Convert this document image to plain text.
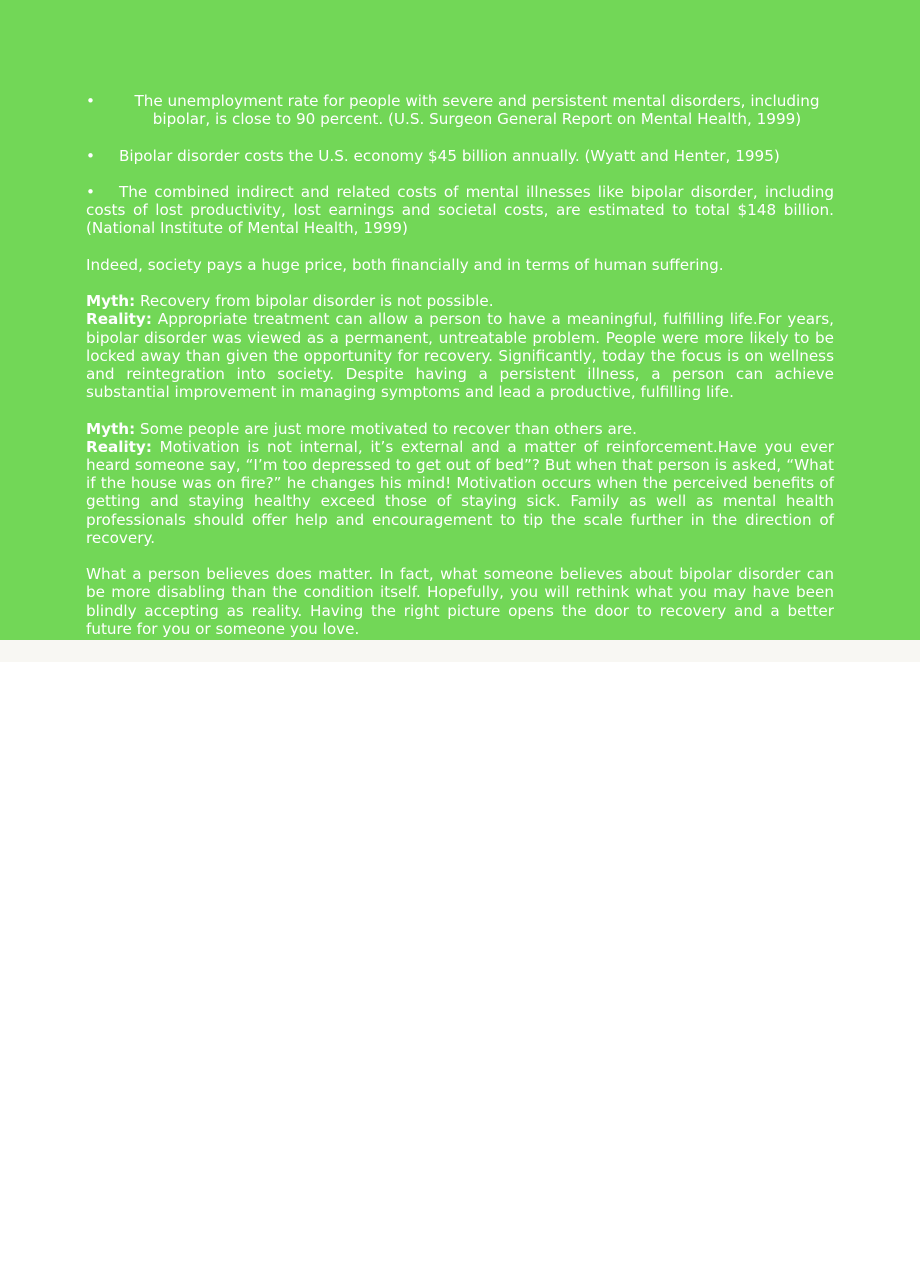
•	The unemployment rate for people with severe and persistent mental disorders, including bipolar, is close to 90 percent. (U.S. Surgeon General Report on Mental Health, 1999)
•	Bipolar disorder costs the U.S. economy $45 billion annually. (Wyatt and Henter, 1995)

• The combined indirect and related costs of mental illnesses like bipolar disorder, including costs of lost productivity, lost earnings and societal costs, are estimated to total $148 billion. (National Institute of Mental Health, 1999)

Indeed, society pays a huge price, both financially and in terms of human suffering.

Myth: Recovery from bipolar disorder is not possible.

Reality: Appropriate treatment can allow a person to have a meaningful, fulfilling life.For years, bipolar disorder was viewed as a permanent, untreatable problem. People were more likely to be locked away than given the opportunity for recovery. Significantly, today the focus is on wellness and reintegration into society. Despite having a persistent illness, a person can achieve substantial improvement in managing symptoms and lead a productive, fulfilling life.

Myth: Some people are just more motivated to recover than others are.

Reality: Motivation is not internal, it’s external and a matter of reinforcement.Have you ever heard someone say, “I’m too depressed to get out of bed”? But when that person is asked, “What if the house was on fire?” he changes his mind! Motivation occurs when the perceived benefits of getting and staying healthy exceed those of staying sick. Family as well as mental health professionals should offer help and encouragement to tip the scale further in the direction of recovery.

What a person believes does matter. In fact, what someone believes about bipolar disorder can be more disabling than the condition itself. Hopefully, you will rethink what you may have been blindly accepting as reality. Having the right picture opens the door to recovery and a better future for you or someone you love.
